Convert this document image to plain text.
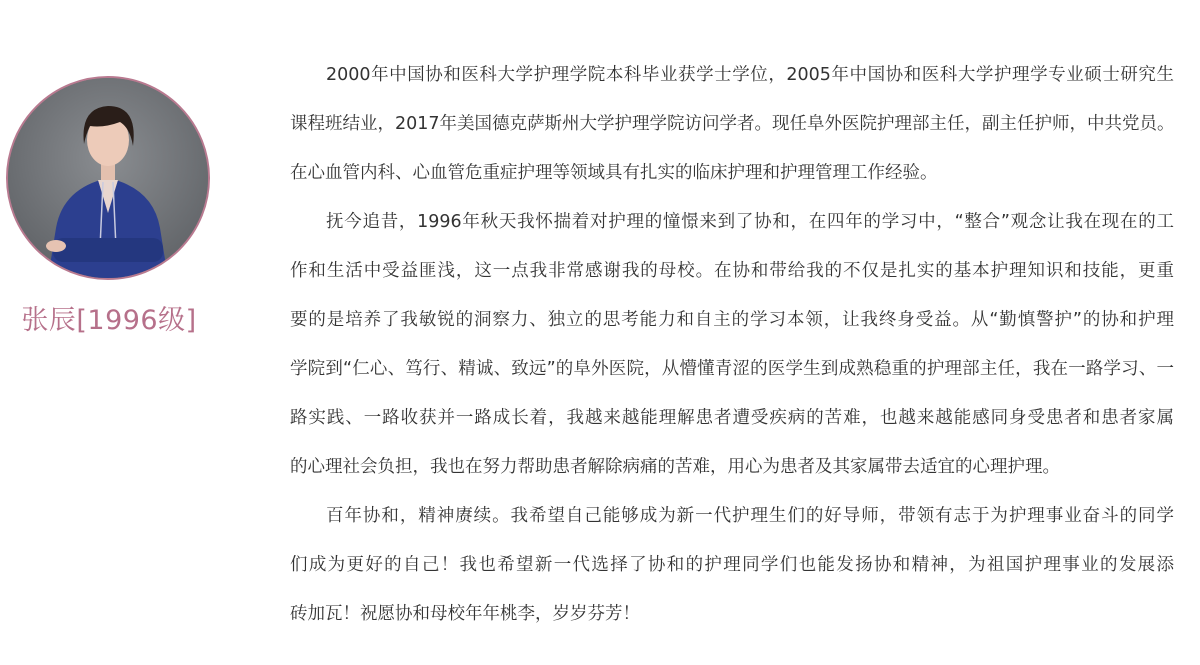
张辰[1996级]
2000年中国协和医科大学护理学院本科毕业获学士学位，2005年中国协和医科大学护理学专业硕士研究生
课程班结业，2017年美国德克萨斯州大学护理学院访问学者。现任阜外医院护理部主任，副主任护师，中共党员。
在心血管内科、心血管危重症护理等领域具有扎实的临床护理和护理管理工作经验。
抚今追昔，1996年秋天我怀揣着对护理的憧憬来到了协和，在四年的学习中，“整合”观念让我在现在的工
作和生活中受益匪浅，这一点我非常感谢我的母校。在协和带给我的不仅是扎实的基本护理知识和技能，更重
要的是培养了我敏锐的洞察力、独立的思考能力和自主的学习本领，让我终身受益。从“勤慎警护”的协和护理
学院到“仁心、笃行、精诚、致远”的阜外医院，从懵懂青涩的医学生到成熟稳重的护理部主任，我在一路学习、一
路实践、一路收获并一路成长着，我越来越能理解患者遭受疾病的苦难，也越来越能感同身受患者和患者家属
的心理社会负担，我也在努力帮助患者解除病痛的苦难，用心为患者及其家属带去适宜的心理护理。
百年协和，精神赓续。我希望自己能够成为新一代护理生们的好导师，带领有志于为护理事业奋斗的同学
们成为更好的自己！我也希望新一代选择了协和的护理同学们也能发扬协和精神，为祖国护理事业的发展添
砖加瓦！祝愿协和母校年年桃李，岁岁芬芳！
